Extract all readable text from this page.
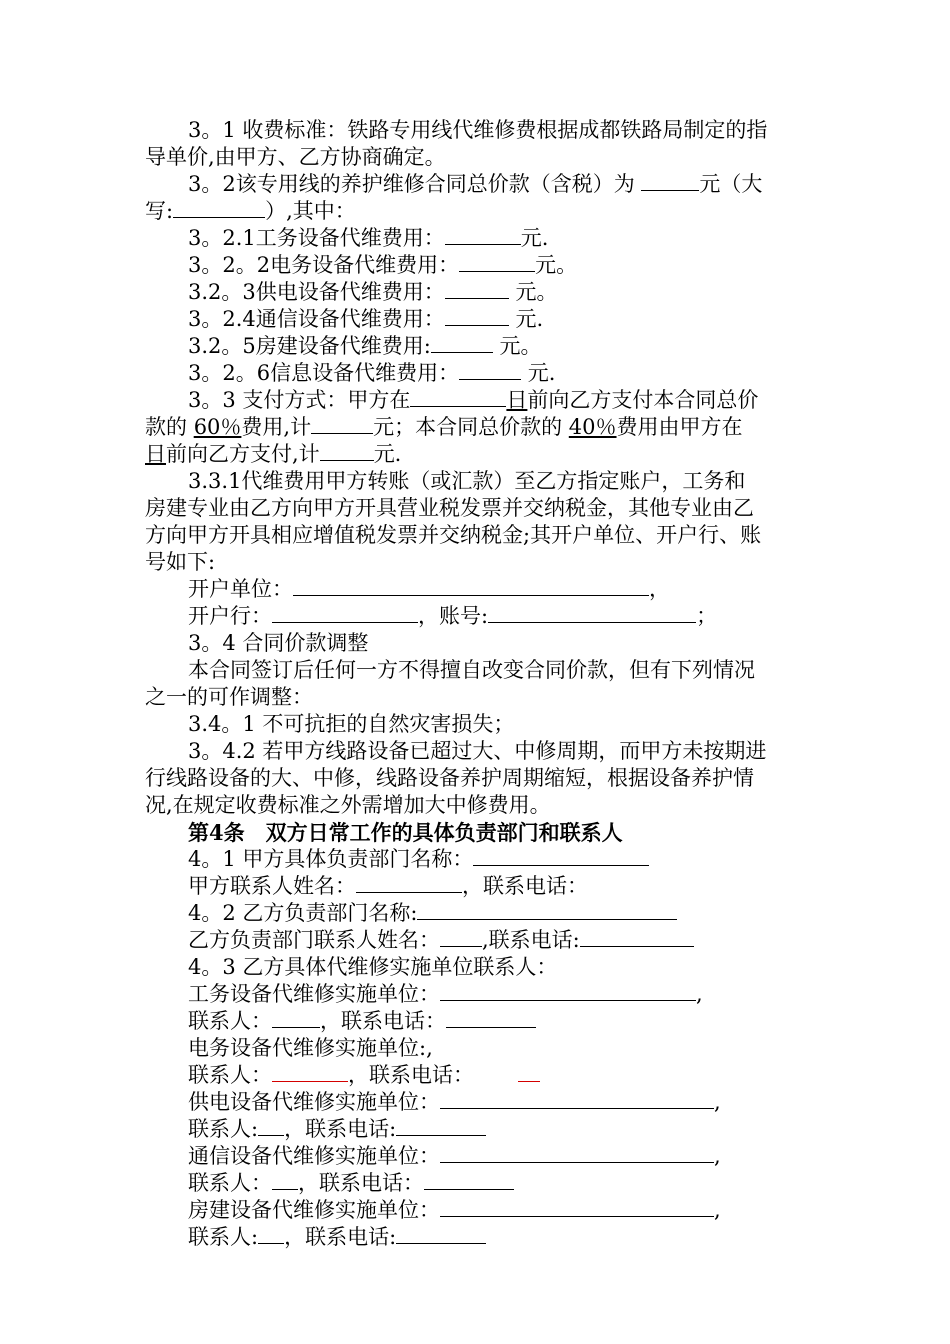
3。1 收费标准：铁路专用线代维修费根据成都铁路局制定的指
导单价,由甲方、乙方协商确定。
3。2该专用线的养护维修合同总价款（含税）为	元（大
写:	）,其中：
3。2.1工务设备代维费用：	元.
3。2。2电务设备代维费用：	元。
3.2。3供电设备代维费用：	元。
3。2.4通信设备代维费用：	元.
3.2。5房建设备代维费用:	元。
3。2。6信息设备代维费用：	元.
3。3 支付方式：甲方在	日前向乙方支付本合同总价
款的 60％费用,计	元；本合同总价款的 40％费用由甲方在
日前向乙方支付,计	元.
3.3.1代维费用甲方转账（或汇款）至乙方指定账户，工务和
房建专业由乙方向甲方开具营业税发票并交纳税金，其他专业由乙
方向甲方开具相应增值税发票并交纳税金;其开户单位、开户行、账
号如下:
开户单位：	，
开户行：	，账号:	；
3。4 合同价款调整
本合同签订后任何一方不得擅自改变合同价款，但有下列情况
之一的可作调整：
3.4。1 不可抗拒的自然灾害损失；
3。4.2 若甲方线路设备已超过大、中修周期，而甲方未按期进
行线路设备的大、中修，线路设备养护周期缩短，根据设备养护情
况,在规定收费标准之外需增加大中修费用。
第4条　双方日常工作的具体负责部门和联系人
4。1 甲方具体负责部门名称：
甲方联系人姓名：	，联系电话：
4。2 乙方负责部门名称:
乙方负责部门联系人姓名： ,联系电话:
4。3 乙方具体代维修实施单位联系人：
工务设备代维修实施单位：	,
联系人： ，联系电话：
电务设备代维修实施单位:,
联系人：	，联系电话：
供电设备代维修实施单位：	,
联系人: ，联系电话:
通信设备代维修实施单位：	,
联系人： ，联系电话：
房建设备代维修实施单位：	,
联系人: ，联系电话:
